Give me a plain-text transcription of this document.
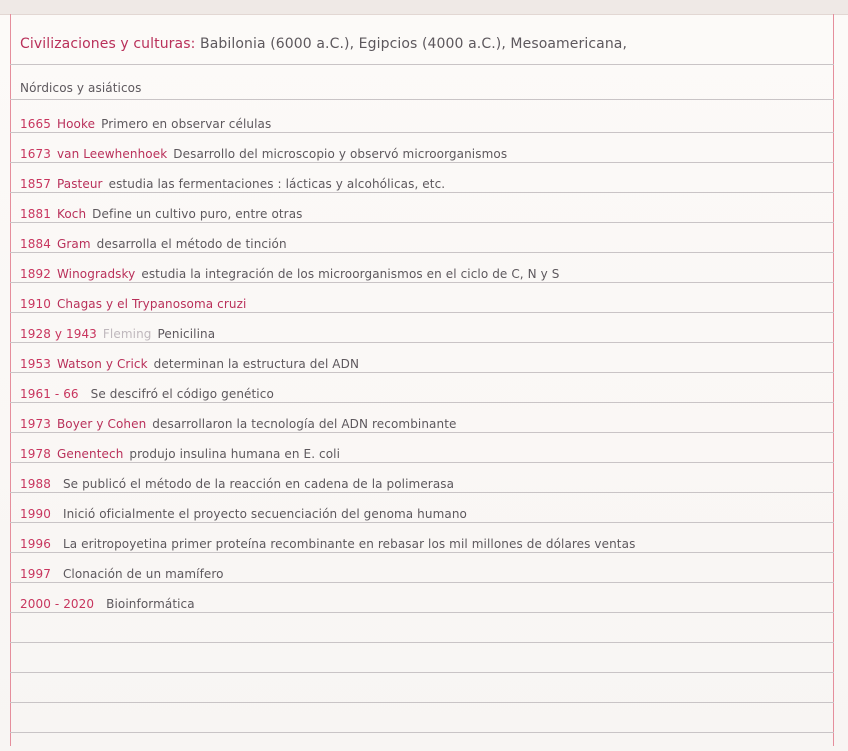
Civilizaciones y culturas: Babilonia (6000 a.C.), Egipcios (4000 a.C.), Mesoamericana,
Nórdicos y asiáticos
1665 Hooke Primero en observar células
1673 van Leewhenhoek Desarrollo del microscopio y observó microorganismos
1857 Pasteur estudia las fermentaciones : lácticas y alcohólicas, etc.
1881 Koch Define un cultivo puro, entre otras
1884 Gram desarrolla el método de tinción
1892 Winogradsky estudia la integración de los microorganismos en el ciclo de C, N y S
1910 Chagas y el Trypanosoma cruzi
1928 y 1943 Fleming Penicilina
1953 Watson y Crick determinan la estructura del ADN
1961 - 66 Se descifró el código genético
1973 Boyer y Cohen desarrollaron la tecnología del ADN recombinante
1978 Genentech produjo insulina humana en E. coli
1988 Se publicó el método de la reacción en cadena de la polimerasa
1990 Inició oficialmente el proyecto secuenciación del genoma humano
1996 La eritropoyetina primer proteína recombinante en rebasar los mil millones de dólares ventas
1997 Clonación de un mamífero
2000 - 2020 Bioinformática
